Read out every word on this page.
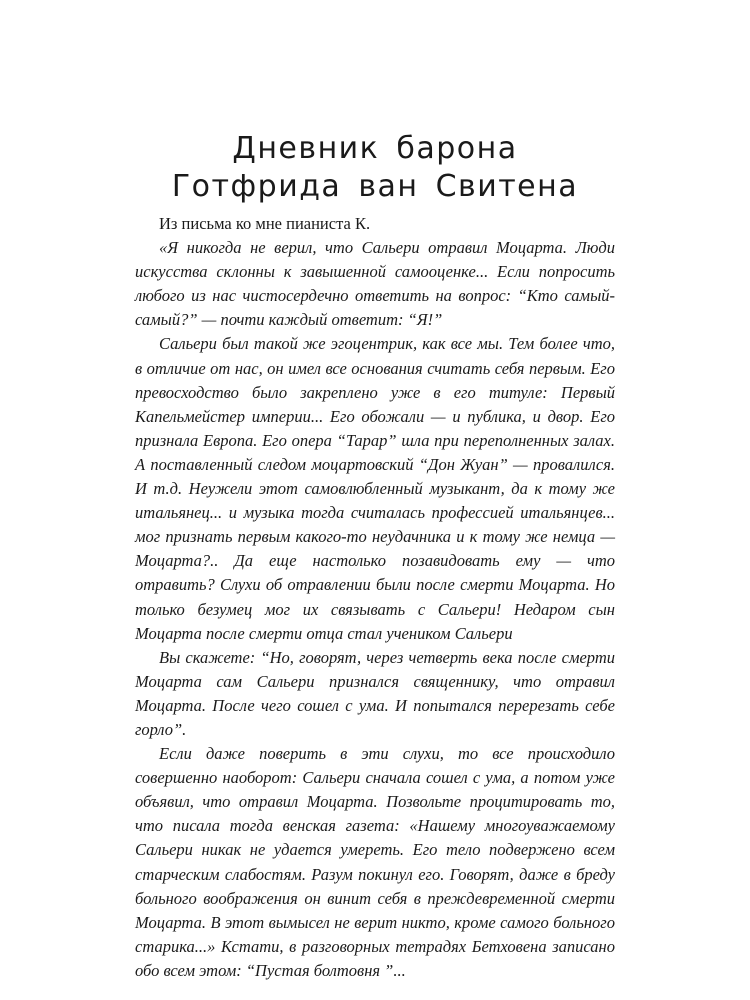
Дневник барона
Готфрида ван Свитена

Из письма ко мне пианиста К.

«Я никогда не верил, что Сальери отравил Моцарта. Люди искусства склонны к завышенной самооценке... Если попросить любого из нас чистосердечно ответить на вопрос: “Кто самый-самый?” — почти каждый ответит: “Я!”

Сальери был такой же эгоцентрик, как все мы. Тем более что, в отличие от нас, он имел все основания считать себя первым. Его превосходство было закреплено уже в его титуле: Первый Капельмейстер империи... Его обожали — и публика, и двор. Его признала Европа. Его опера “Тарар” шла при переполненных залах. А поставленный следом моцартовский “Дон Жуан” — провалился. И т.д. Неужели этот самовлюбленный музыкант, да к тому же итальянец... и музыка тогда считалась профессией итальянцев... мог признать первым какого-то неудачника и к тому же немца — Моцарта?.. Да еще настолько позавидовать ему — что отравить? Слухи об отравлении были после смерти Моцарта. Но только безумец мог их связывать с Сальери! Недаром сын Моцарта после смерти отца стал учеником Сальери

Вы скажете: “Но, говорят, через четверть века после смерти Моцарта сам Сальери признался священнику, что отравил Моцарта. После чего сошел с ума. И попытался перерезать себе горло”.

Если даже поверить в эти слухи, то все происходило совершенно наоборот: Сальери сначала сошел с ума, а потом уже объявил, что отравил Моцарта. Позвольте процитировать то, что писала тогда венская газета: «Нашему многоуважаемому Сальери никак не удается умереть. Его тело подвержено всем старческим слабостям. Разум покинул его. Говорят, даже в бреду больного воображения он винит себя в преждевременной смерти Моцарта. В этот вымысел не верит никто, кроме самого больного старика...» Кстати, в разговорных тетрадях Бетховена записано обо всем этом: “Пустая болтовня ”...
